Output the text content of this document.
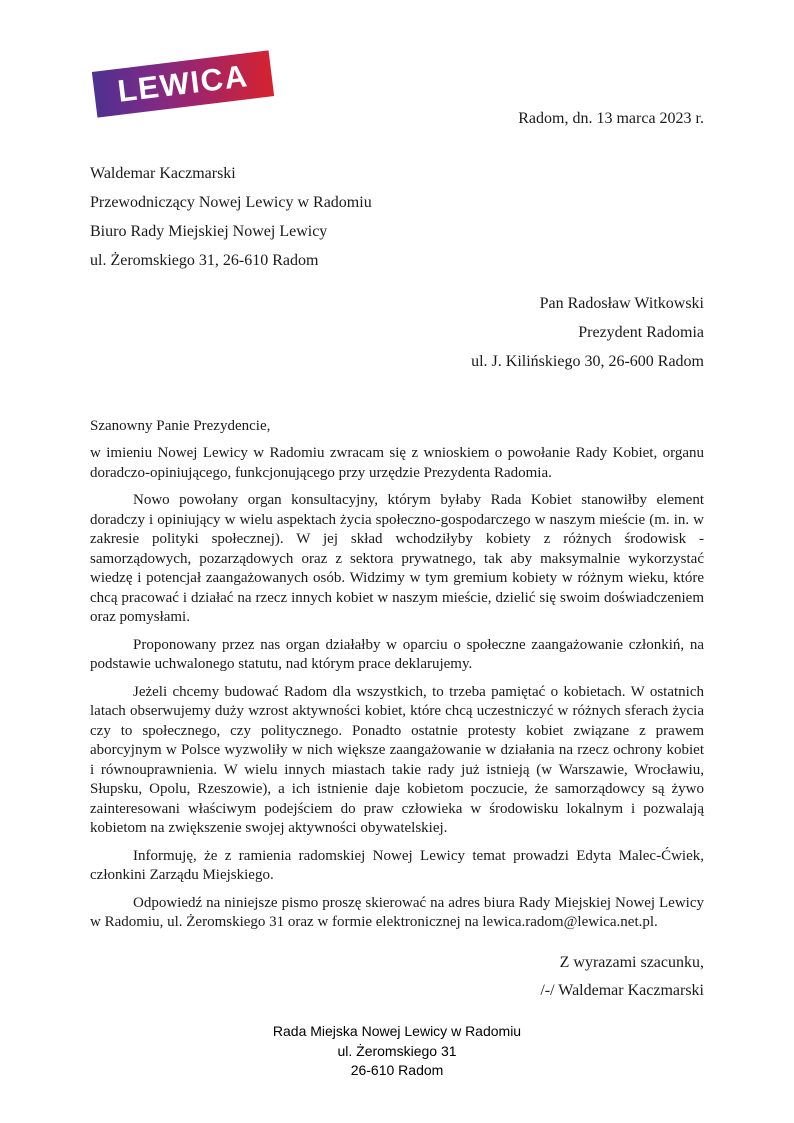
LEWICA
Radom, dn. 13 marca 2023 r.

Waldemar Kaczmarski

Przewodniczący Nowej Lewicy w Radomiu

Biuro Rady Miejskiej Nowej Lewicy

ul. Żeromskiego 31, 26-610 Radom

Pan Radosław Witkowski

Prezydent Radomia

ul. J. Kilińskiego 30, 26-600 Radom

Szanowny Panie Prezydencie,

w imieniu Nowej Lewicy w Radomiu zwracam się z wnioskiem o powołanie Rady Kobiet, organu doradczo-opiniującego, funkcjonującego przy urzędzie Prezydenta Radomia.

Nowo powołany organ konsultacyjny, którym byłaby Rada Kobiet stanowiłby element doradczy i opiniujący w wielu aspektach życia społeczno-gospodarczego w naszym mieście (m. in. w zakresie polityki społecznej). W jej skład wchodziłyby kobiety z różnych środowisk - samorządowych, pozarządowych oraz z sektora prywatnego, tak aby maksymalnie wykorzystać wiedzę i potencjał zaangażowanych osób. Widzimy w tym gremium kobiety w różnym wieku, które chcą pracować i działać na rzecz innych kobiet w naszym mieście, dzielić się swoim doświadczeniem oraz pomysłami.

Proponowany przez nas organ działałby w oparciu o społeczne zaangażowanie członkiń, na podstawie uchwalonego statutu, nad którym prace deklarujemy.

Jeżeli chcemy budować Radom dla wszystkich, to trzeba pamiętać o kobietach. W ostatnich latach obserwujemy duży wzrost aktywności kobiet, które chcą uczestniczyć w różnych sferach życia czy to społecznego, czy politycznego. Ponadto ostatnie protesty kobiet związane z prawem aborcyjnym w Polsce wyzwoliły w nich większe zaangażowanie w działania na rzecz ochrony kobiet i równouprawnienia. W wielu innych miastach takie rady już istnieją (w Warszawie, Wrocławiu, Słupsku, Opolu, Rzeszowie), a ich istnienie daje kobietom poczucie, że samorządowcy są żywo zainteresowani właściwym podejściem do praw człowieka w środowisku lokalnym i pozwalają kobietom na zwiększenie swojej aktywności obywatelskiej.

Informuję, że z ramienia radomskiej Nowej Lewicy temat prowadzi Edyta Malec-Ćwiek, członkini Zarządu Miejskiego.

Odpowiedź na niniejsze pismo proszę skierować na adres biura Rady Miejskiej Nowej Lewicy w Radomiu, ul. Żeromskiego 31 oraz w formie elektronicznej na lewica.radom@lewica.net.pl.

Z wyrazami szacunku,

/-/ Waldemar Kaczmarski

Rada Miejska Nowej Lewicy w Radomiu

ul. Żeromskiego 31

26-610 Radom
